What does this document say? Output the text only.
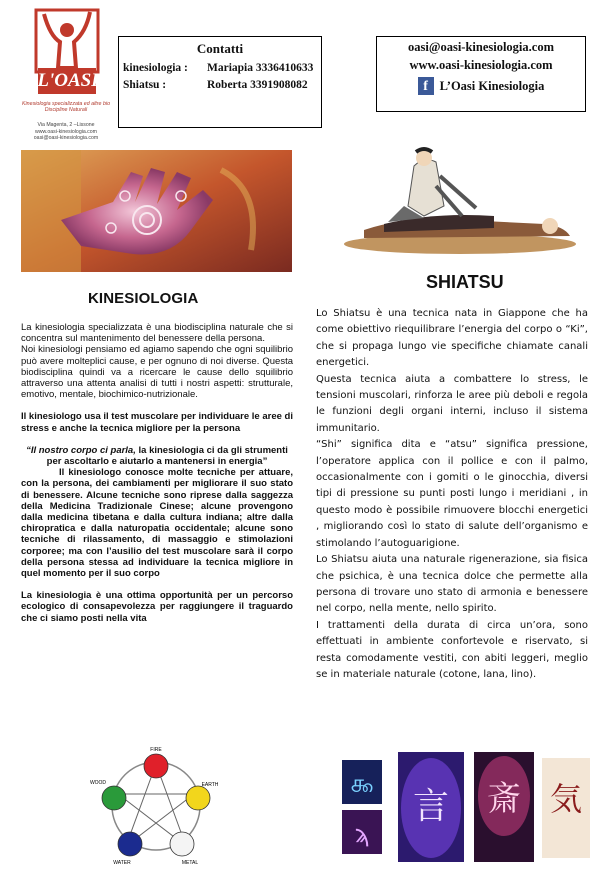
L'OASI
Kinesiologia specializzata ed altre bio Discipline Naturali
Via Magenta, 2 –Lissone
www.oasi-kinesiologia.com
oasi@oasi-kinesiologia.com
Contatti
kinesiologia :	Mariapia 3336410633
Shiatsu :	Roberta 3391908082
oasi@oasi-kinesiologia.com
www.oasi-kinesiologia.com
f L’Oasi Kinesiologia
KINESIOLOGIA
SHIATSU

La kinesiologia specializzata è una biodisciplina naturale che si concentra sul mantenimento del benessere della persona.

Noi kinesiologi pensiamo ed agiamo sapendo che ogni squilibrio può avere molteplici cause, e per ognuno di noi diverse. Questa biodisciplina quindi va a ricercare le cause dello squilibrio attraverso una attenta analisi di tutti i nostri aspetti: strutturale, emotivo, mentale, biochimico-nutrizionale.

Il kinesiologo usa il test muscolare per individuare le aree di stress e anche la tecnica migliore per la persona

“Il nostro corpo ci parla, la kinesiologia ci da gli strumenti per ascoltarlo e aiutarlo a mantenersi in energia”

Il kinesiologo conosce molte tecniche per attuare, con la persona, dei cambiamenti per migliorare il suo stato di benessere. Alcune tecniche sono riprese dalla saggezza della Medicina Tradizionale Cinese; alcune provengono dalla medicina tibetana e dalla cultura indiana; altre dalla chiropratica e dalla naturopatia occidentale; alcune sono tecniche di rilassamento, di massaggio e stimolazioni corporee; ma con l’ausilio del test muscolare sarà il corpo della persona stessa ad individuare la tecnica migliore in quel momento per il suo corpo

La kinesiologia è una ottima opportunità per un percorso ecologico di consapevolezza per raggiungere il traguardo che ci siamo posti nella vita

Lo Shiatsu è una tecnica nata in Giappone che ha come obiettivo riequilibrare l’energia del corpo o “Ki”, che si propaga lungo vie specifiche chiamate canali energetici.

Questa tecnica aiuta a combattere lo stress, le tensioni muscolari, rinforza le aree più deboli e regola le funzioni degli organi interni, incluso il sistema immunitario.

“Shi” significa dita e “atsu” significa pressione, l’operatore applica con il pollice e con il palmo, occasionalmente con i gomiti o le ginocchia, diversi tipi di pressione su punti posti lungo i meridiani , in questo modo è possibile rimuovere blocchi energetici , migliorando così lo stato di salute dell’organismo e stimolando l’autoguarigione.

Lo Shiatsu aiuta una naturale rigenerazione, sia fisica che psichica, è una tecnica dolce che permette alla persona di trovare uno stato di armonia e benessere nel corpo, nella mente, nello spirito.

I trattamenti della durata di circa un’ora, sono effettuati in ambiente confortevole e riservato, si resta comodamente vestiti, con abiti leggeri, meglio se in materiale naturale (cotone, lana, lino).

FIRE
EARTH
METAL
WATER
WOOD	௯
ϡ
言 斎 気
